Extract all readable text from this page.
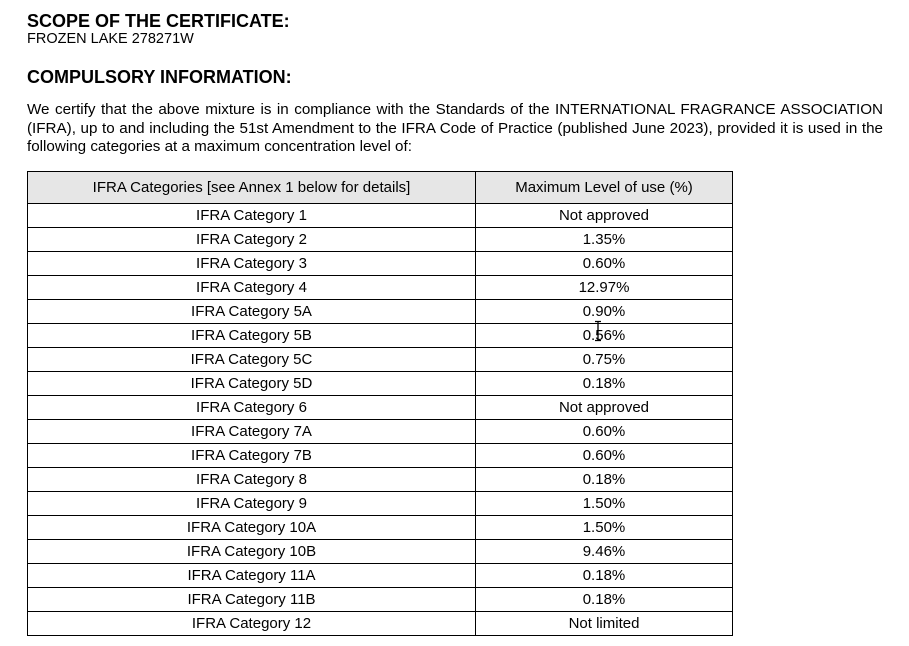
SCOPE OF THE CERTIFICATE:
FROZEN LAKE 278271W
COMPULSORY INFORMATION:
We certify that the above mixture is in compliance with the Standards of the INTERNATIONAL FRAGRANCE ASSOCIATION (IFRA), up to and including the 51st Amendment to the IFRA Code of Practice (published June 2023), provided it is used in the following categories at a maximum concentration level of:
IFRA Categories [see Annex 1 below for details]	Maximum Level of use (%)
IFRA Category 1	Not approved
IFRA Category 2	1.35%
IFRA Category 3	0.60%
IFRA Category 4	12.97%
IFRA Category 5A	0.90%
IFRA Category 5B	0.56%
IFRA Category 5C	0.75%
IFRA Category 5D	0.18%
IFRA Category 6	Not approved
IFRA Category 7A	0.60%
IFRA Category 7B	0.60%
IFRA Category 8	0.18%
IFRA Category 9	1.50%
IFRA Category 10A	1.50%
IFRA Category 10B	9.46%
IFRA Category 11A	0.18%
IFRA Category 11B	0.18%
IFRA Category 12	Not limited
